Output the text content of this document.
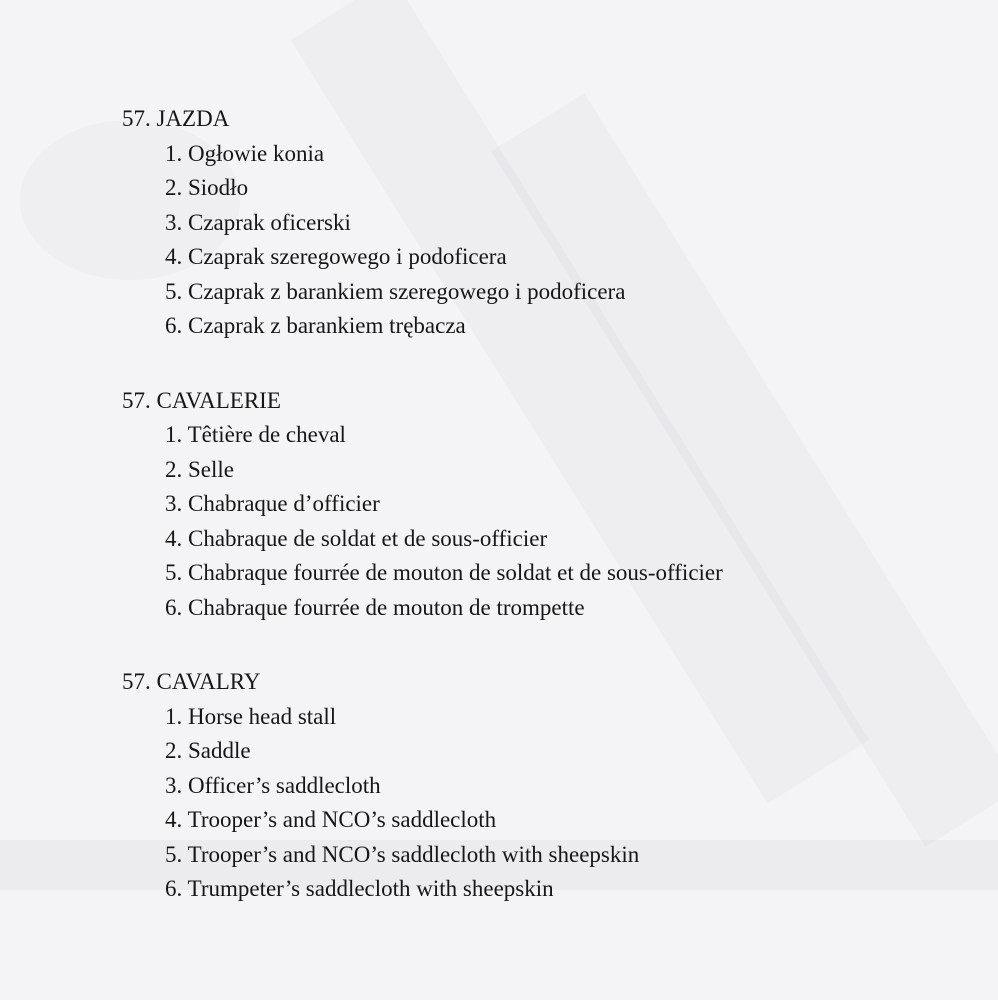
57. JAZDA
1. Ogłowie konia
2. Siodło
3. Czaprak oficerski
4. Czaprak szeregowego i podoficera
5. Czaprak z barankiem szeregowego i podoficera
6. Czaprak z barankiem trębacza
57. CAVALERIE
1. Têtière de cheval
2. Selle
3. Chabraque d’officier
4. Chabraque de soldat et de sous-officier
5. Chabraque fourrée de mouton de soldat et de sous-officier
6. Chabraque fourrée de mouton de trompette
57. CAVALRY
1. Horse head stall
2. Saddle
3. Officer’s saddlecloth
4. Trooper’s and NCO’s saddlecloth
5. Trooper’s and NCO’s saddlecloth with sheepskin
6. Trumpeter’s saddlecloth with sheepskin
